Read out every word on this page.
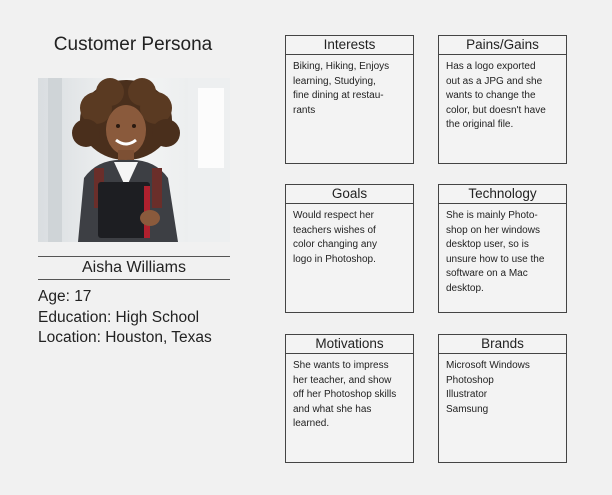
Customer Persona
Aisha Williams
Age: 17
Education: High School
Location: Houston, Texas
Interests
Biking, Hiking, Enjoys
learning, Studying,
fine dining at restau-
rants
Pains/Gains
Has a logo exported
out as a JPG and she
wants to change the
color, but doesn't have
the original file.
Goals
Would respect her
teachers wishes of
color changing any
logo in Photoshop.
Technology
She is mainly Photo-
shop on her windows
desktop user, so is
unsure how to use the
software on a Mac
desktop.
Motivations
She wants to impress
her teacher, and show
off her Photoshop skills
and what she has
learned.
Brands
Microsoft Windows
Photoshop
Illustrator
Samsung
